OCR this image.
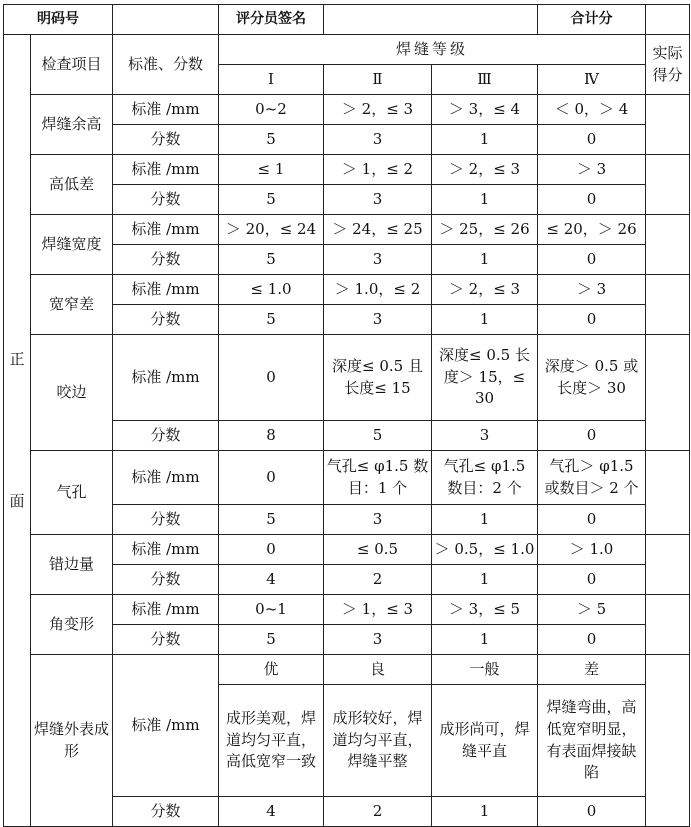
明码号			评分员签名			合计分	

正
面	检查项目	标准、分数	焊缝等级				实际得分
			Ⅰ	Ⅱ	Ⅲ	Ⅳ	
	焊缝余高	标准 /mm	0~2	＞ 2，≤ 3	＞ 3，≤ 4	＜ 0，＞ 4	
		分数	5	3	1	0	
	高低差	标准 /mm	≤ 1	＞ 1，≤ 2	＞ 2，≤ 3	＞ 3	
		分数	5	3	1	0	
	焊缝宽度	标准 /mm	＞ 20，≤ 24	＞ 24，≤ 25	＞ 25，≤ 26	≤ 20，＞ 26	
		分数	5	3	1	0	
	宽窄差	标准 /mm	≤ 1.0	＞ 1.0，≤ 2	＞ 2，≤ 3	＞ 3	
		分数	5	3	1	0	
	咬边	标准 /mm	0	深度≤ 0.5 且长度≤ 15	深度≤ 0.5 长度＞ 15，≤ 30	深度＞ 0.5 或长度＞ 30	
		分数	8	5	3	0	
	气孔	标准 /mm	0	气孔≤ φ1.5 数目：1 个	气孔≤ φ1.5 数目：2 个	气孔＞ φ1.5 或数目＞ 2 个	
		分数	5	3	1	0	
	错边量	标准 /mm	0	≤ 0.5	＞ 0.5，≤ 1.0	＞ 1.0	
		分数	4	2	1	0	
	角变形	标准 /mm	0~1	＞ 1，≤ 3	＞ 3，≤ 5	＞ 5	
		分数	5	3	1	0	
	焊缝外表成形	标准 /mm	优	良	一般	差	
			成形美观，焊道均匀平直，高低宽窄一致	成形较好，焊道均匀平直，焊缝平整	成形尚可，焊缝平直	焊缝弯曲，高低宽窄明显，有表面焊接缺陷	
		分数	4	2	1	0	
